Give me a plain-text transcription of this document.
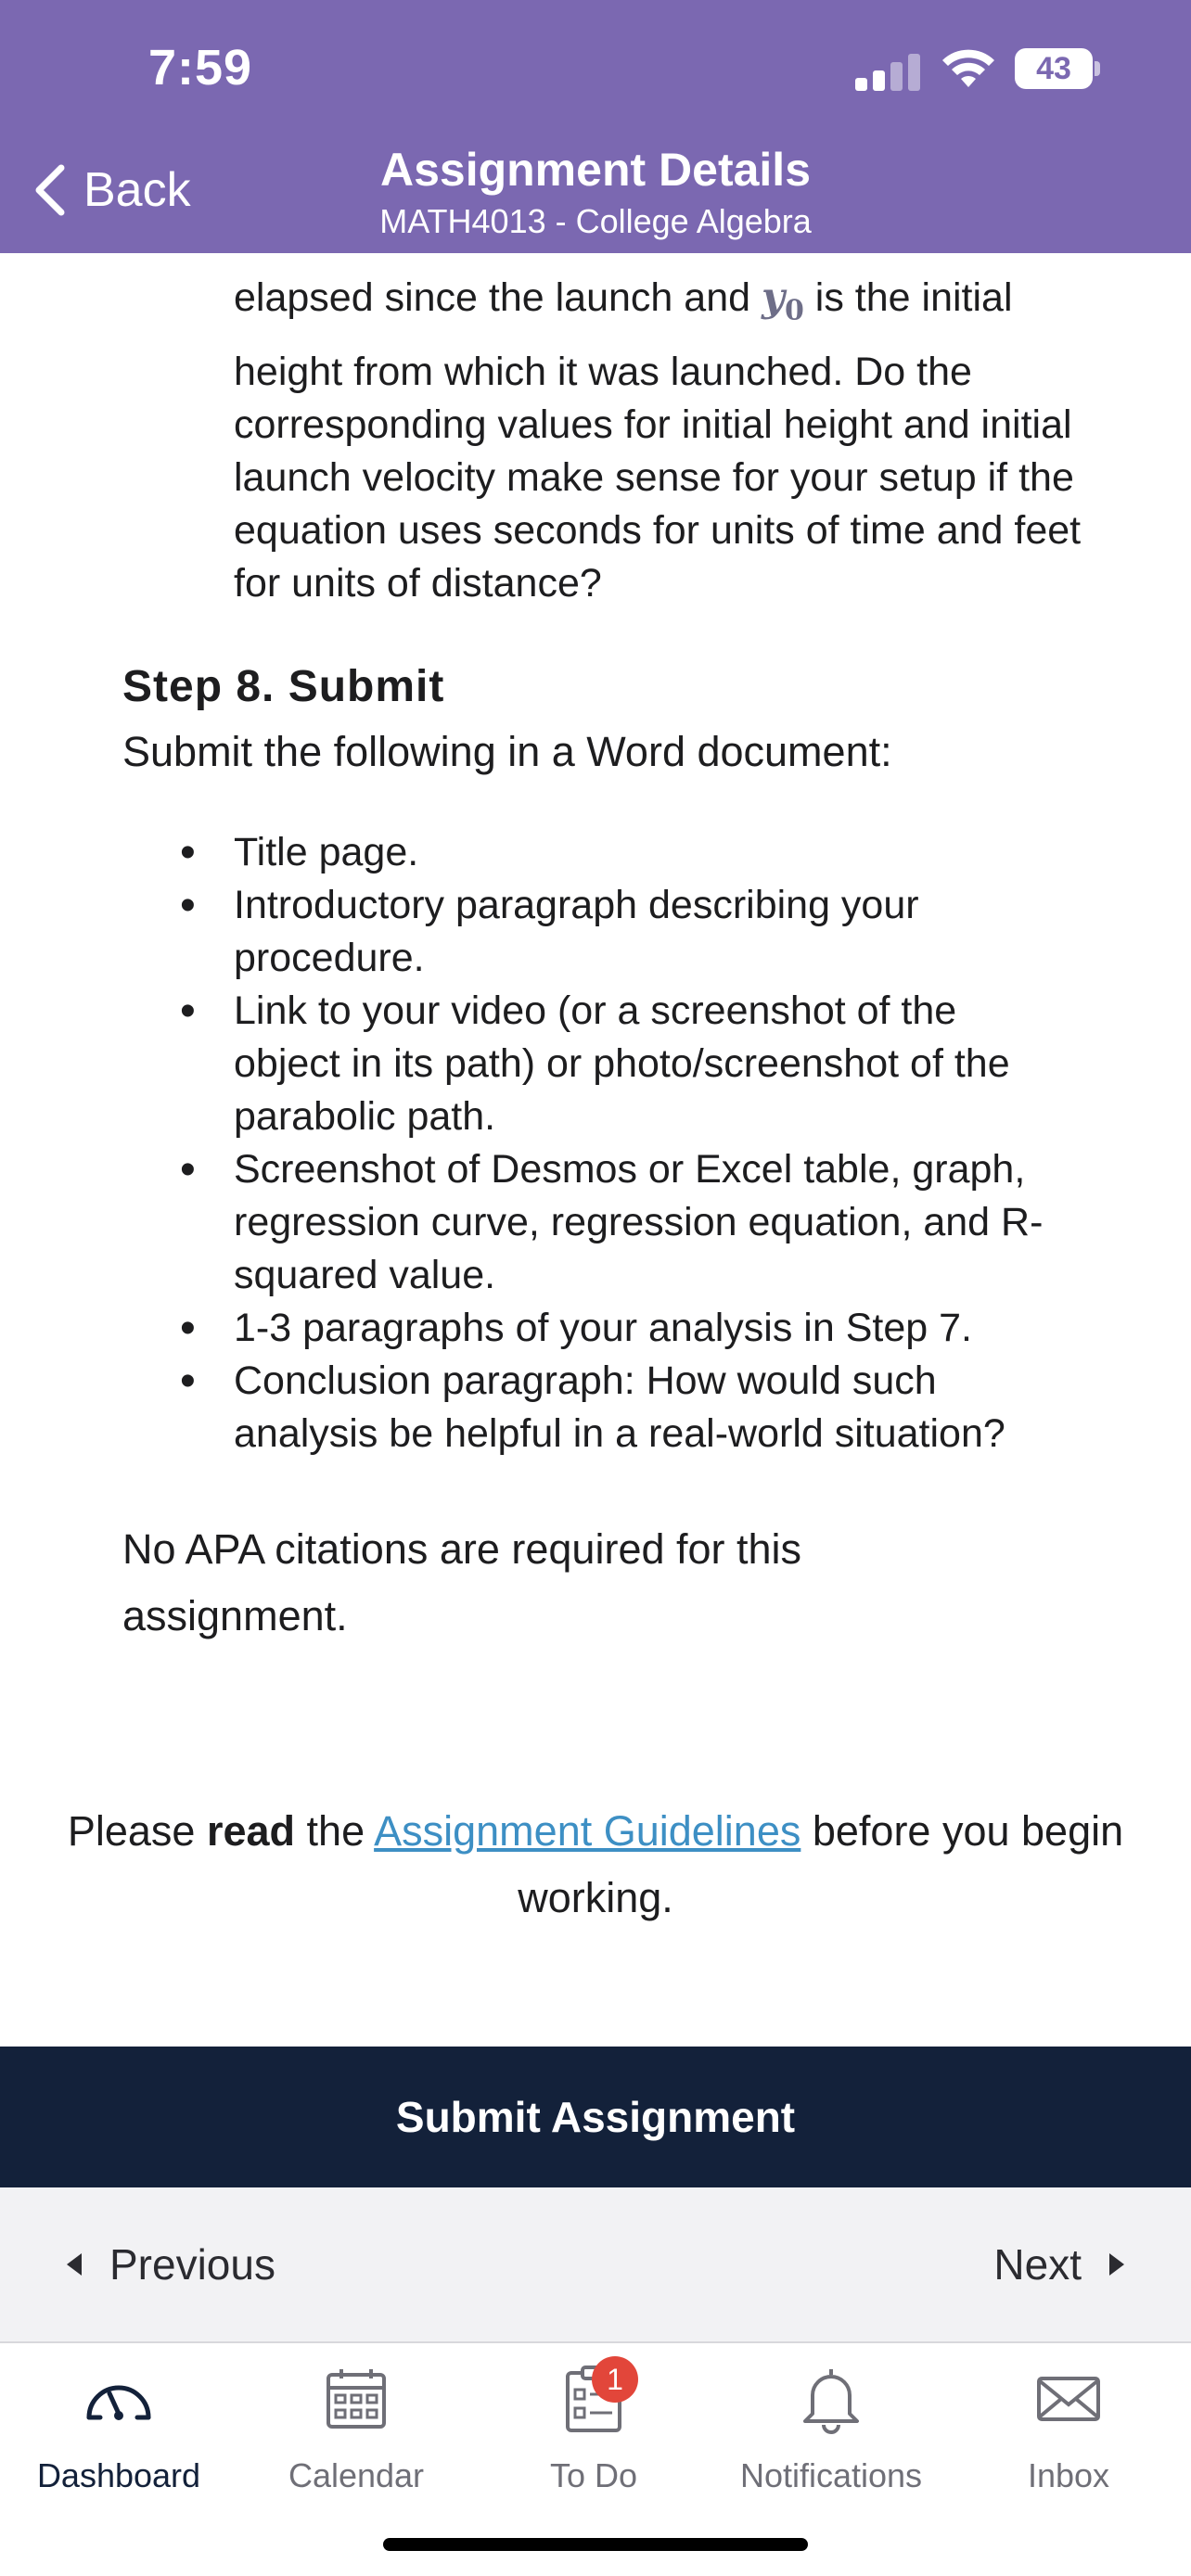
7:59	43
Back	Assignment Details
MATH4013 - College Algebra

elapsed since the launch and $y_0$ is the initial

height from which it was launched. Do the corresponding values for initial height and initial launch velocity make sense for your setup if the equation uses seconds for units of time and feet for units of distance?

Step 8. Submit
Submit the following in a Word document:
• Title page.
• Introductory paragraph describing your procedure.
• Link to your video (or a screenshot of the object in its path) or photo/screenshot of the parabolic path.
• Screenshot of Desmos or Excel table, graph, regression curve, regression equation, and R-squared value.
• 1-3 paragraphs of your analysis in Step 7.
• Conclusion paragraph: How would such analysis be helpful in a real-world situation?

No APA citations are required for this assignment.

Please read the Assignment Guidelines before you begin working.

Submit Assignment
Previous	Next
Dashboard	Calendar
1
To Do	Notifications	Inbox
